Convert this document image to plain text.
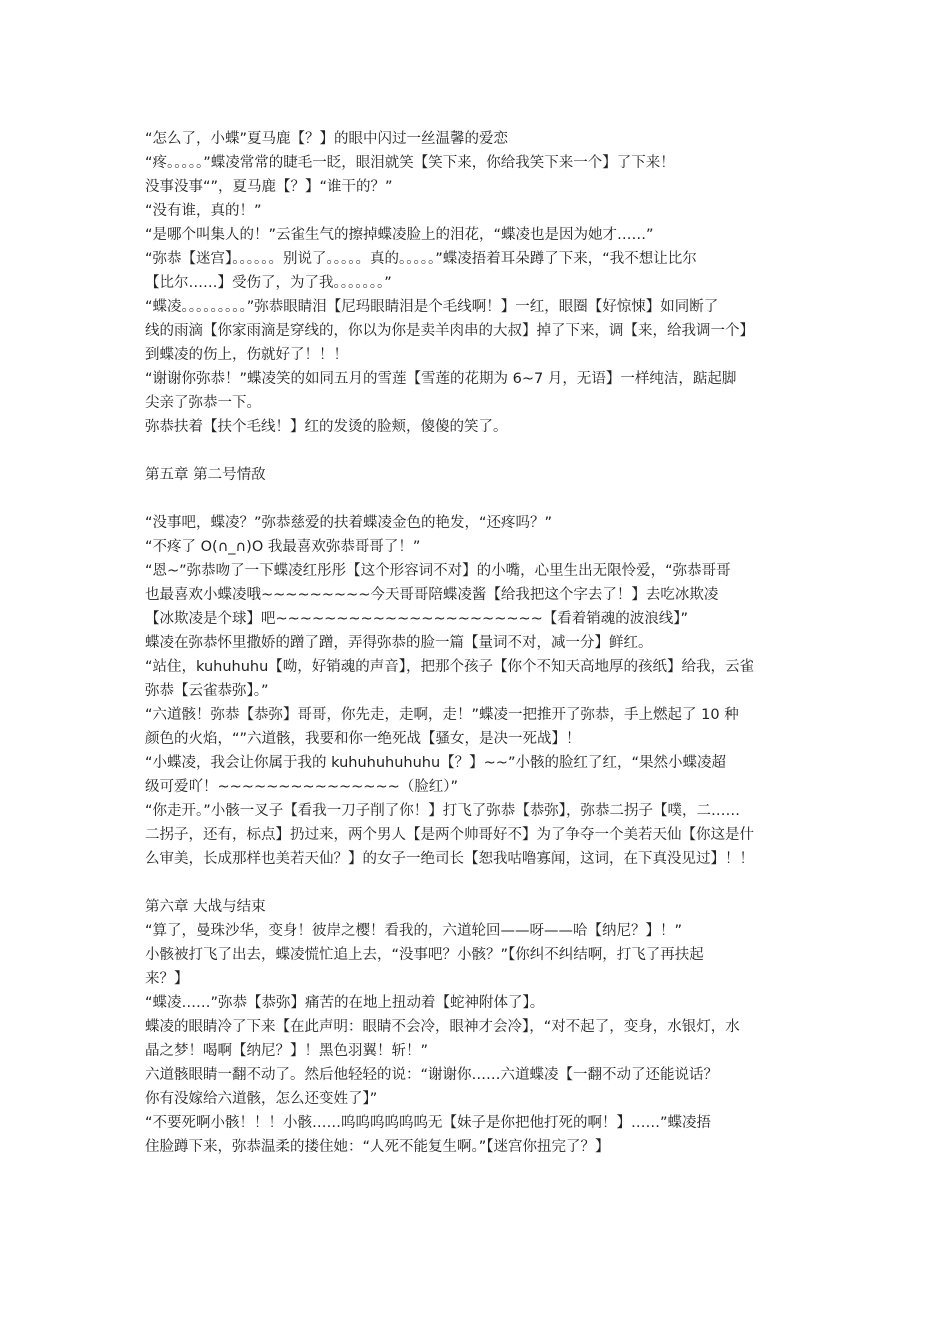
“怎么了，小蝶”夏马鹿【？】的眼中闪过一丝温馨的爱恋
“疼。。。。。”蝶凌常常的睫毛一眨，眼泪就笑【笑下来，你给我笑下来一个】了下来！
没事没事“”，夏马鹿【？】“谁干的？”
“没有谁，真的！”
“是哪个叫集人的！”云雀生气的擦掉蝶凌脸上的泪花，“蝶凌也是因为她才……”
“弥恭【迷宫】。。。。。。别说了。。。。。真的。。。。。”蝶凌捂着耳朵蹲了下来，“我不想让比尔
【比尔……】受伤了，为了我。。。。。。。”
“蝶凌。。。。。。。。。”弥恭眼睛泪【尼玛眼睛泪是个毛线啊！】一红，眼圈【好惊悚】如同断了
线的雨滴【你家雨滴是穿线的，你以为你是卖羊肉串的大叔】掉了下来，调【来，给我调一个】
到蝶凌的伤上，伤就好了！！！
“谢谢你弥恭！”蝶凌笑的如同五月的雪莲【雪莲的花期为 6~7 月，无语】一样纯洁，踮起脚
尖亲了弥恭一下。
弥恭扶着【扶个毛线！】红的发烫的脸颊，傻傻的笑了。
第五章 第二号情敌
“没事吧，蝶凌？”弥恭慈爱的扶着蝶凌金色的艳发，“还疼吗？”
“不疼了 O(∩_∩)O 我最喜欢弥恭哥哥了！”
“恩~”弥恭吻了一下蝶凌红彤彤【这个形容词不对】的小嘴，心里生出无限怜爱，“弥恭哥哥
也最喜欢小蝶凌哦~~~~~~~~~今天哥哥陪蝶凌酱【给我把这个字去了！】去吃冰欺凌
【冰欺凌是个球】吧~~~~~~~~~~~~~~~~~~~~~~【看着销魂的波浪线】”
蝶凌在弥恭怀里撒娇的蹭了蹭，弄得弥恭的脸一篇【量词不对，减一分】鲜红。
“站住，kuhuhuhu【呦，好销魂的声音】，把那个孩子【你个不知天高地厚的孩纸】给我，云雀
弥恭【云雀恭弥】。”
“六道骸！弥恭【恭弥】哥哥，你先走，走啊，走！”蝶凌一把推开了弥恭，手上燃起了 10 种
颜色的火焰，“”六道骸，我要和你一绝死战【骚女，是决一死战】！
“小蝶凌，我会让你属于我的 kuhuhuhuhuhu【？】~~”小骸的脸红了红，“果然小蝶凌超
级可爱吖！~~~~~~~~~~~~~~~（脸红）”
“你走开。”小骸一叉子【看我一刀子削了你！】打飞了弥恭【恭弥】，弥恭二拐子【噗，二……
二拐子，还有，标点】扔过来，两个男人【是两个帅哥好不】为了争夺一个美若天仙【你这是什
么审美，长成那样也美若天仙？】的女子一绝司长【恕我咕噜寡闻，这词，在下真没见过】！！
第六章 大战与结束
“算了，曼珠沙华，变身！彼岸之樱！看我的，六道轮回——呀——哈【纳尼？】！”
小骸被打飞了出去，蝶凌慌忙追上去，“没事吧？小骸？”【你纠不纠结啊，打飞了再扶起
来？】
“蝶凌……”弥恭【恭弥】痛苦的在地上扭动着【蛇神附体了】。
蝶凌的眼睛冷了下来【在此声明：眼睛不会冷，眼神才会冷】，“对不起了，变身，水银灯，水
晶之梦！喝啊【纳尼？】！黑色羽翼！斩！”
六道骸眼睛一翻不动了。然后他轻轻的说：“谢谢你……六道蝶凌【一翻不动了还能说话？
你有没嫁给六道骸，怎么还变姓了】”
“不要死啊小骸！！！小骸……呜呜呜呜呜呜无【妹子是你把他打死的啊！】……”蝶凌捂
住脸蹲下来，弥恭温柔的搂住她：“人死不能复生啊。”【迷宫你扭完了？】
